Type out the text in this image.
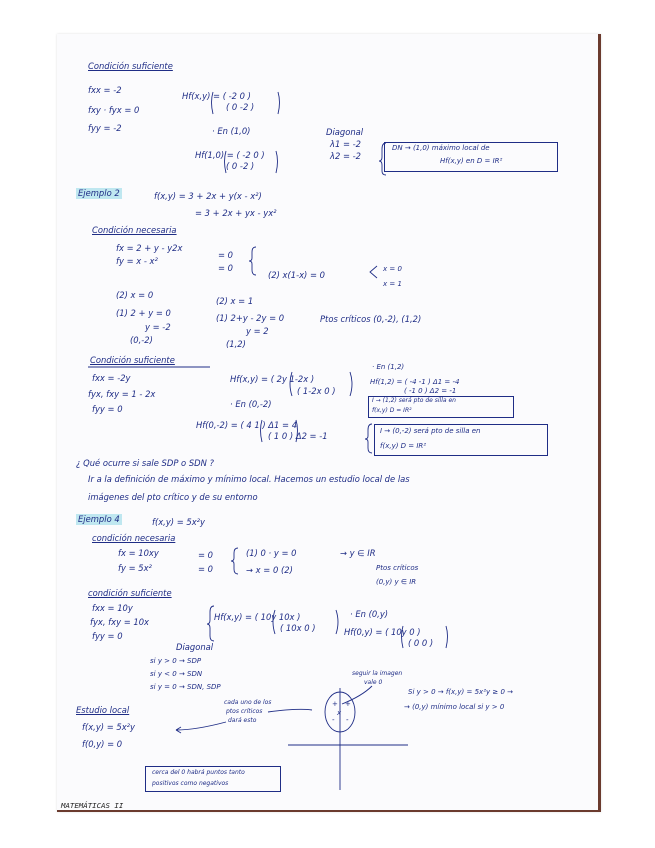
Condición suficiente
fxx = -2
fxy · fyx = 0
fyy = -2
Hf(x,y) = ( -2 0 )
( 0 -2 )
· En (1,0)	Diagonal
λ1 = -2
λ2 = -2
Hf(1,0) = ( -2 0 )
( 0 -2 )
DN → (1,0) máximo local de
Hf(x,y) en D = IR²
Ejemplo 2	f(x,y) = 3 + 2x + y(x - x²)
= 3 + 2x + yx - yx²
Condición necesaria
fx = 2 + y - y2x
fy = x - x²
= 0
= 0
(2) x(1-x) = 0
x = 0
x = 1
(2) x = 0
(1) 2 + y = 0
y = -2
(0,-2)
(2) x = 1
(1) 2+y - 2y = 0
y = 2
(1,2)
Ptos críticos (0,-2), (1,2)
Condición suficiente
fxx = -2y
fyx, fxy = 1 - 2x
fyy = 0
Hf(x,y) = ( 2y 1-2x )
( 1-2x 0 )
· En (1,2)
Hf(1,2) = ( -4 -1 ) Δ1 = -4
( -1 0 ) Δ2 = -1
I → (1,2) será pto de silla en
f(x,y) D = IR²
· En (0,-2)
Hf(0,-2) = ( 4 1 ) Δ1 = 4
( 1 0 ) Δ2 = -1	I → (0,-2) será pto de silla en
f(x,y) D = IR²
¿ Qué ocurre si sale SDP o SDN ?
Ir a la definición de máximo y mínimo local. Hacemos un estudio local de las
imágenes del pto crítico y de su entorno
Ejemplo 4	f(x,y) = 5x²y
condición necesaria
fx = 10xy
fy = 5x²
= 0
= 0
(1) 0 · y = 0	→ y ∈ IR
→ x = 0 (2)	Ptos críticos
(0,y) y ∈ IR
condición suficiente
fxx = 10y
fyx, fxy = 10x
fyy = 0
Hf(x,y) = ( 10y 10x )
( 10x 0 )
· En (0,y)
Hf(0,y) = ( 10y 0 )
( 0 0 )
Diagonal
si y > 0 → SDP
si y < 0 → SDN
si y = 0 → SDN, SDP
Estudio local
f(x,y) = 5x²y
f(0,y) = 0
cada uno de los
ptos críticos
dará esto
seguir la imagen
vale 0
Si y > 0 → f(x,y) = 5x²y ≥ 0 →
→ (0,y) mínimo local si y > 0
cerca del 0 habrá puntos tanto
positivos como negativos
+ +
- -
x
MATEMÁTICAS II
